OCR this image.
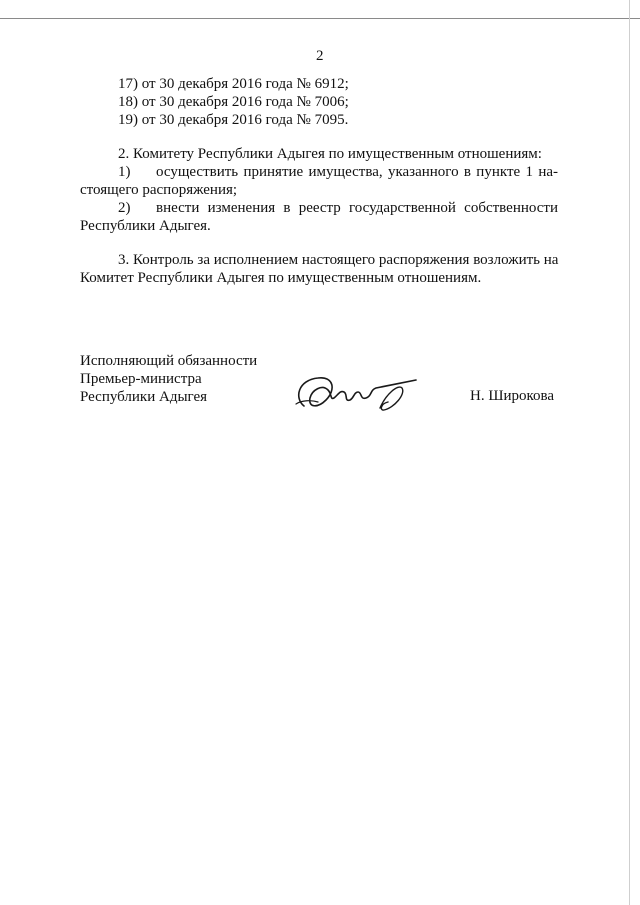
2
17) от 30 декабря 2016 года № 6912;
18) от 30 декабря 2016 года № 7006;
19) от 30 декабря 2016 года № 7095.
2. Комитету Республики Адыгея по имущественным отношениям:
1) осуществить принятие имущества, указанного в пункте 1 на-
стоящего распоряжения;
2) внести изменения в реестр государственной собственности
Республики Адыгея.
3. Контроль за исполнением настоящего распоряжения возложить на
Комитет Республики Адыгея по имущественным отношениям.
Исполняющий обязанности
Премьер-министра
Республики Адыгея	Н. Широкова
